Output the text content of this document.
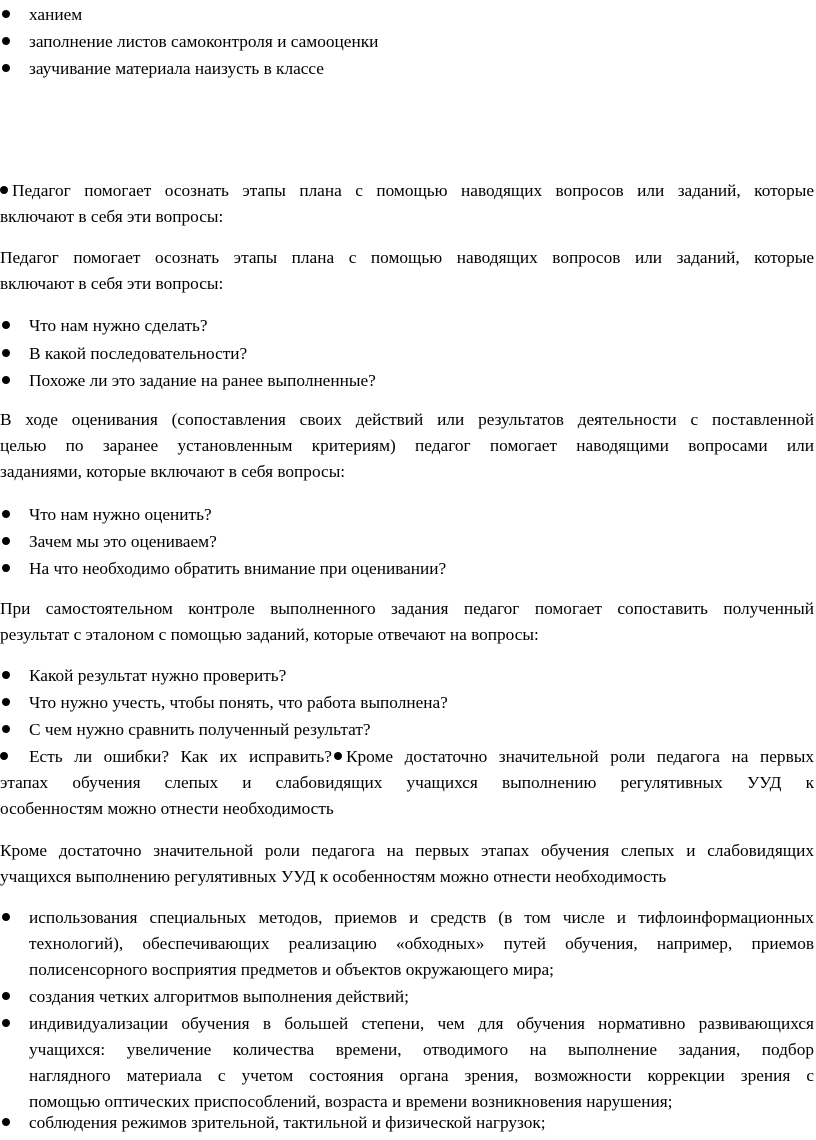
ханием
заполнение листов самоконтроля и самооценки
заучивание материала наизусть в классе
Педагог помогает осознать этапы плана с помощью наводящих вопросов или заданий, которые
включают в себя эти вопросы:
Педагог помогает осознать этапы плана с помощью наводящих вопросов или заданий, которые
включают в себя эти вопросы:
Что нам нужно сделать?
В какой последовательности?
Похоже ли это задание на ранее выполненные?
В ходе оценивания (сопоставления своих действий или результатов деятельности с поставленной
целью по заранее установленным критериям) педагог помогает наводящими вопросами или
заданиями, которые включают в себя вопросы:
Что нам нужно оценить?
Зачем мы это оцениваем?
На что необходимо обратить внимание при оценивании?
При самостоятельном контроле выполненного задания педагог помогает сопоставить полученный
результат с эталоном с помощью заданий, которые отвечают на вопросы:
Какой результат нужно проверить?
Что нужно учесть, чтобы понять, что работа выполнена?
С чем нужно сравнить полученный результат?
Есть ли ошибки? Как их исправить? Кроме достаточно значительной роли педагога на первых
этапах обучения слепых и слабовидящих учащихся выполнению регулятивных УУД к
особенностям можно отнести необходимость
Кроме достаточно значительной роли педагога на первых этапах обучения слепых и слабовидящих
учащихся выполнению регулятивных УУД к особенностям можно отнести необходимость
использования специальных методов, приемов и средств (в том числе и тифлоинформационных
технологий), обеспечивающих реализацию «обходных» путей обучения, например, приемов
полисенсорного восприятия предметов и объектов окружающего мира;
создания четких алгоритмов выполнения действий;
индивидуализации обучения в большей степени, чем для обучения нормативно развивающихся
учащихся: увеличение количества времени, отводимого на выполнение задания, подбор
наглядного материала с учетом состояния органа зрения, возможности коррекции зрения с
помощью оптических приспособлений, возраста и времени возникновения нарушения;
соблюдения режимов зрительной, тактильной и физической нагрузок;
